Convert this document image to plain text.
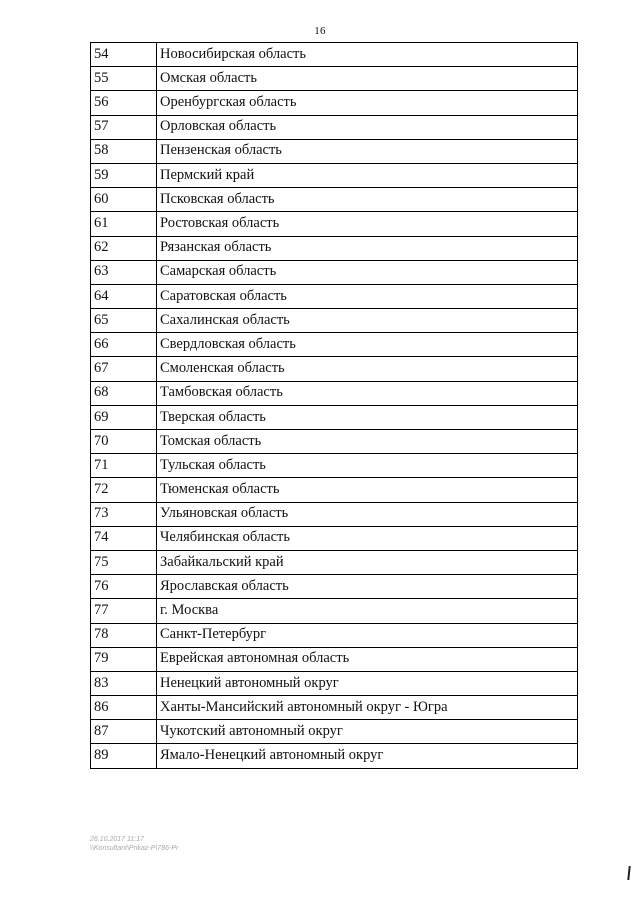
16
54	Новосибирская область
55	Омская область
56	Оренбургская область
57	Орловская область
58	Пензенская область
59	Пермский край
60	Псковская область
61	Ростовская область
62	Рязанская область
63	Самарская область
64	Саратовская область
65	Сахалинская область
66	Свердловская область
67	Смоленская область
68	Тамбовская область
69	Тверская область
70	Томская область
71	Тульская область
72	Тюменская область
73	Ульяновская область
74	Челябинская область
75	Забайкальский край
76	Ярославская область
77	г. Москва
78	Санкт-Петербург
79	Еврейская автономная область
83	Ненецкий автономный округ
86	Ханты-Мансийский автономный округ - Югра
87	Чукотский автономный округ
89	Ямало-Ненецкий автономный округ
26.10.2017 11:17
\\Konsultant\Prikaz-P\786-Pr
